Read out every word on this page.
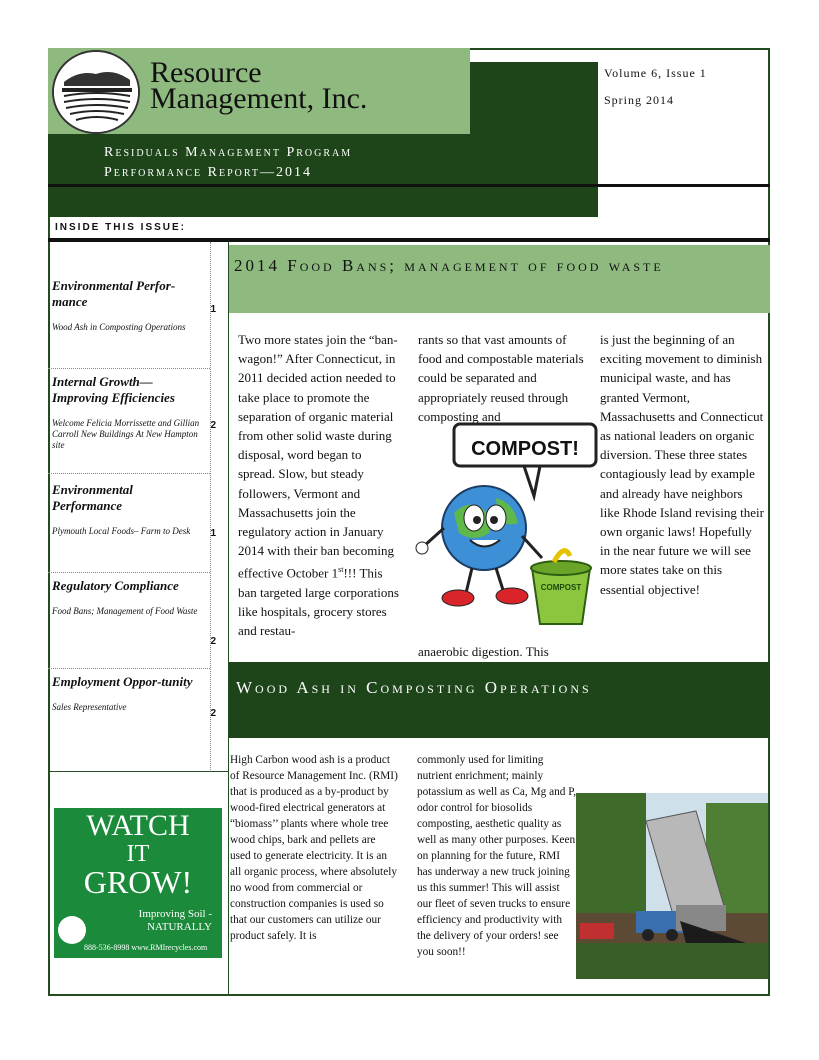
Resource
Management, Inc.
Residuals Management Program
Performance Report—2014
Volume 6, Issue 1
Spring 2014
INSIDE THIS ISSUE:
Environmental Perfor-mance
1
Wood Ash in Composting Operations
Internal Growth—Improving Efficiencies
2
Welcome Felicia Morrissette and Gillian Carroll New Buildings At New Hampton site
Environmental Performance
1
Plymouth Local Foods– Farm to Desk
Regulatory Compliance
2
Food Bans; Management of Food Waste
Employment Oppor-tunity
2
Sales Representative
WATCH
IT
GROW!
Improving Soil -
NATURALLY
888-536-8998 www.RMIrecycles.com
2014 Food Bans; management of food waste
Two more states join the “ban- wagon!” After Connecticut, in 2011 decided action needed to take place to promote the separation of organic material from other solid waste during disposal, word began to spread. Slow, but steady followers, Vermont and Massachusetts join the regulatory action in January 2014 with their ban becoming effective October 1st!!! This ban targeted large corporations like hospitals, grocery stores and restau-
rants so that vast amounts of food and compostable materials could be separated and appropriately reused through composting and
anaerobic digestion. This
is just the beginning of an exciting movement to diminish municipal waste, and has granted Vermont, Massachusetts and Connecticut as national leaders on organic diversion. These three states contagiously lead by example and already have neighbors like Rhode Island revising their own organic laws! Hopefully in the near future we will see more states take on this essential objective!
COMPOST!
COMPOST
Wood Ash in Composting Operations
High Carbon wood ash is a product of Resource Management Inc. (RMI) that is produced as a by-product by wood-fired electrical generators at “biomass’’ plants where whole tree wood chips, bark and pellets are used to generate electricity. It is an all organic process, where absolutely no wood from commercial or construction companies is used so that our customers can utilize our product safely. It is
commonly used for limiting nutrient enrichment; mainly potassium as well as Ca, Mg and P, odor control for biosolids composting, aesthetic quality as well as many other purposes. Keen on planning for the future, RMI has underway a new truck joining us this summer! This will assist our fleet of seven trucks to ensure efficiency and productivity with the delivery of your orders! see you soon!!
